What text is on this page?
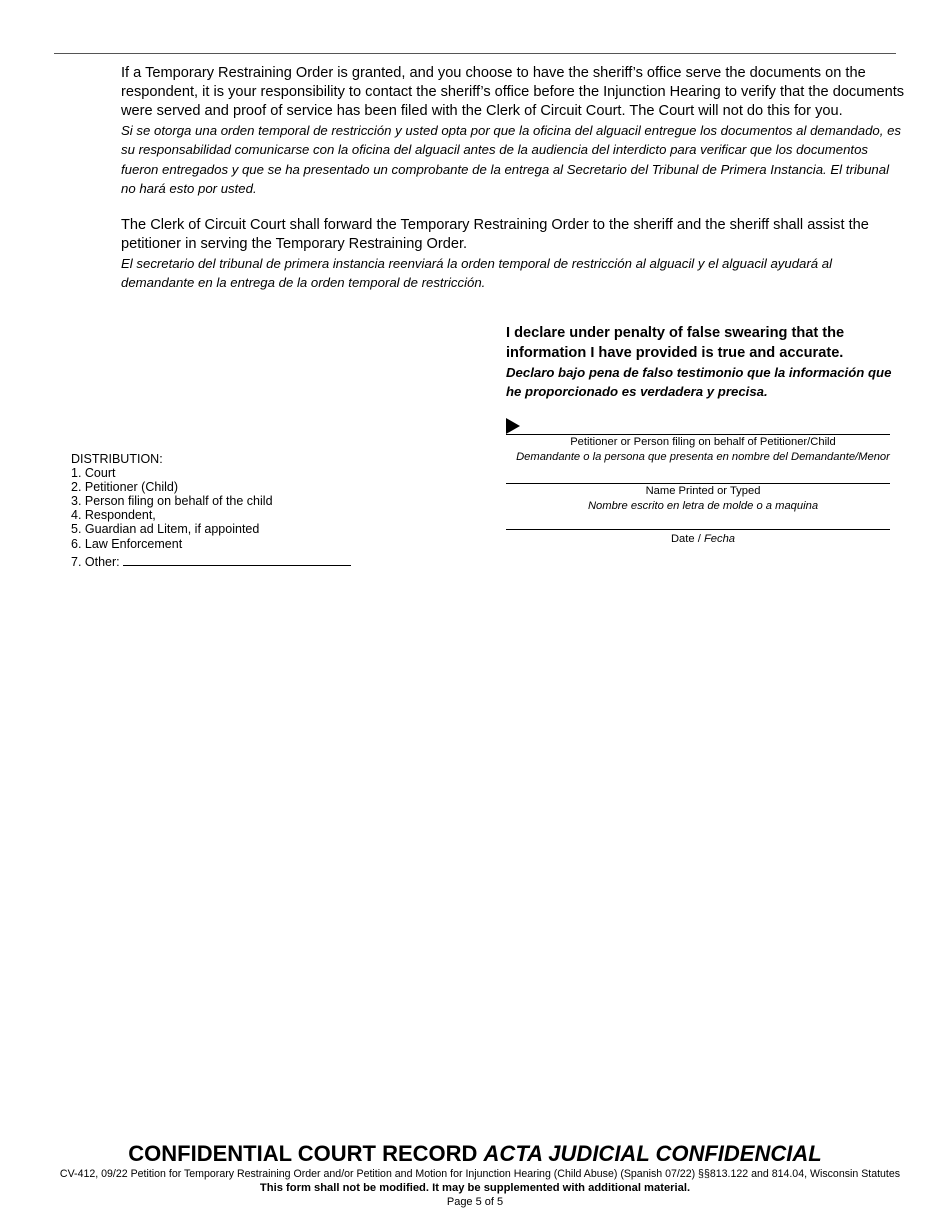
If a Temporary Restraining Order is granted, and you choose to have the sheriff’s office serve the documents on the respondent, it is your responsibility to contact the sheriff’s office before the Injunction Hearing to verify that the documents were served and proof of service has been filed with the Clerk of Circuit Court. The Court will not do this for you.

Si se otorga una orden temporal de restricción y usted opta por que la oficina del alguacil entregue los documentos al demandado, es su responsabilidad comunicarse con la oficina del alguacil antes de la audiencia del interdicto para verificar que los documentos fueron entregados y que se ha presentado un comprobante de la entrega al Secretario del Tribunal de Primera Instancia. El tribunal no hará esto por usted.

The Clerk of Circuit Court shall forward the Temporary Restraining Order to the sheriff and the sheriff shall assist the petitioner in serving the Temporary Restraining Order.

El secretario del tribunal de primera instancia reenviará la orden temporal de restricción al alguacil y el alguacil ayudará al demandante en la entrega de la orden temporal de restricción.

I declare under penalty of false swearing that the information I have provided is true and accurate.

Declaro bajo pena de falso testimonio que la información que he proporcionado es verdadera y precisa.

Petitioner or Person filing on behalf of Petitioner/Child
Demandante o la persona que presenta en nombre del Demandante/Menor
Name Printed or Typed
Nombre escrito en letra de molde o a maquina
Date / Fecha
DISTRIBUTION:
1. Court
2. Petitioner (Child)
3. Person filing on behalf of the child
4. Respondent,
5. Guardian ad Litem, if appointed
6. Law Enforcement
7. Other:
CONFIDENTIAL COURT RECORD ACTA JUDICIAL CONFIDENCIAL
CV-412, 09/22 Petition for Temporary Restraining Order and/or Petition and Motion for Injunction Hearing (Child Abuse) (Spanish 07/22) §§813.122 and 814.04, Wisconsin Statutes
This form shall not be modified. It may be supplemented with additional material.
Page 5 of 5
